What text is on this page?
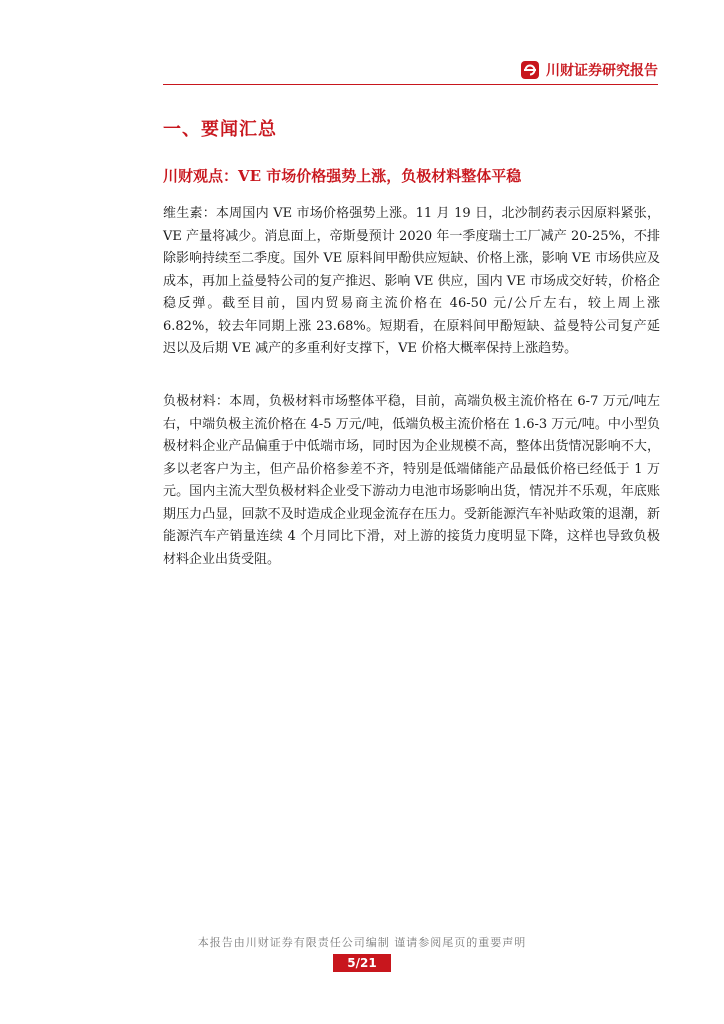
川财证券研究报告
一、要闻汇总
川财观点：VE 市场价格强势上涨，负极材料整体平稳

维生素：本周国内 VE 市场价格强势上涨。11 月 19 日，北沙制药表示因原料紧张，VE 产量将减少。消息面上，帝斯曼预计 2020 年一季度瑞士工厂减产 20-25%，不排除影响持续至二季度。国外 VE 原料间甲酚供应短缺、价格上涨，影响 VE 市场供应及成本，再加上益曼特公司的复产推迟、影响 VE 供应，国内 VE 市场成交好转，价格企稳反弹。截至目前，国内贸易商主流价格在 46-50 元/公斤左右，较上周上涨 6.82%，较去年同期上涨 23.68%。短期看，在原料间甲酚短缺、益曼特公司复产延迟以及后期 VE 减产的多重利好支撑下，VE 价格大概率保持上涨趋势。

负极材料：本周，负极材料市场整体平稳，目前，高端负极主流价格在 6-7 万元/吨左右，中端负极主流价格在 4-5 万元/吨，低端负极主流价格在 1.6-3 万元/吨。中小型负极材料企业产品偏重于中低端市场，同时因为企业规模不高，整体出货情况影响不大，多以老客户为主，但产品价格参差不齐，特别是低端储能产品最低价格已经低于 1 万元。国内主流大型负极材料企业受下游动力电池市场影响出货，情况并不乐观，年底账期压力凸显，回款不及时造成企业现金流存在压力。受新能源汽车补贴政策的退潮，新能源汽车产销量连续 4 个月同比下滑，对上游的接货力度明显下降，这样也导致负极材料企业出货受阻。

本报告由川财证券有限责任公司编制 谨请参阅尾页的重要声明
5/21
